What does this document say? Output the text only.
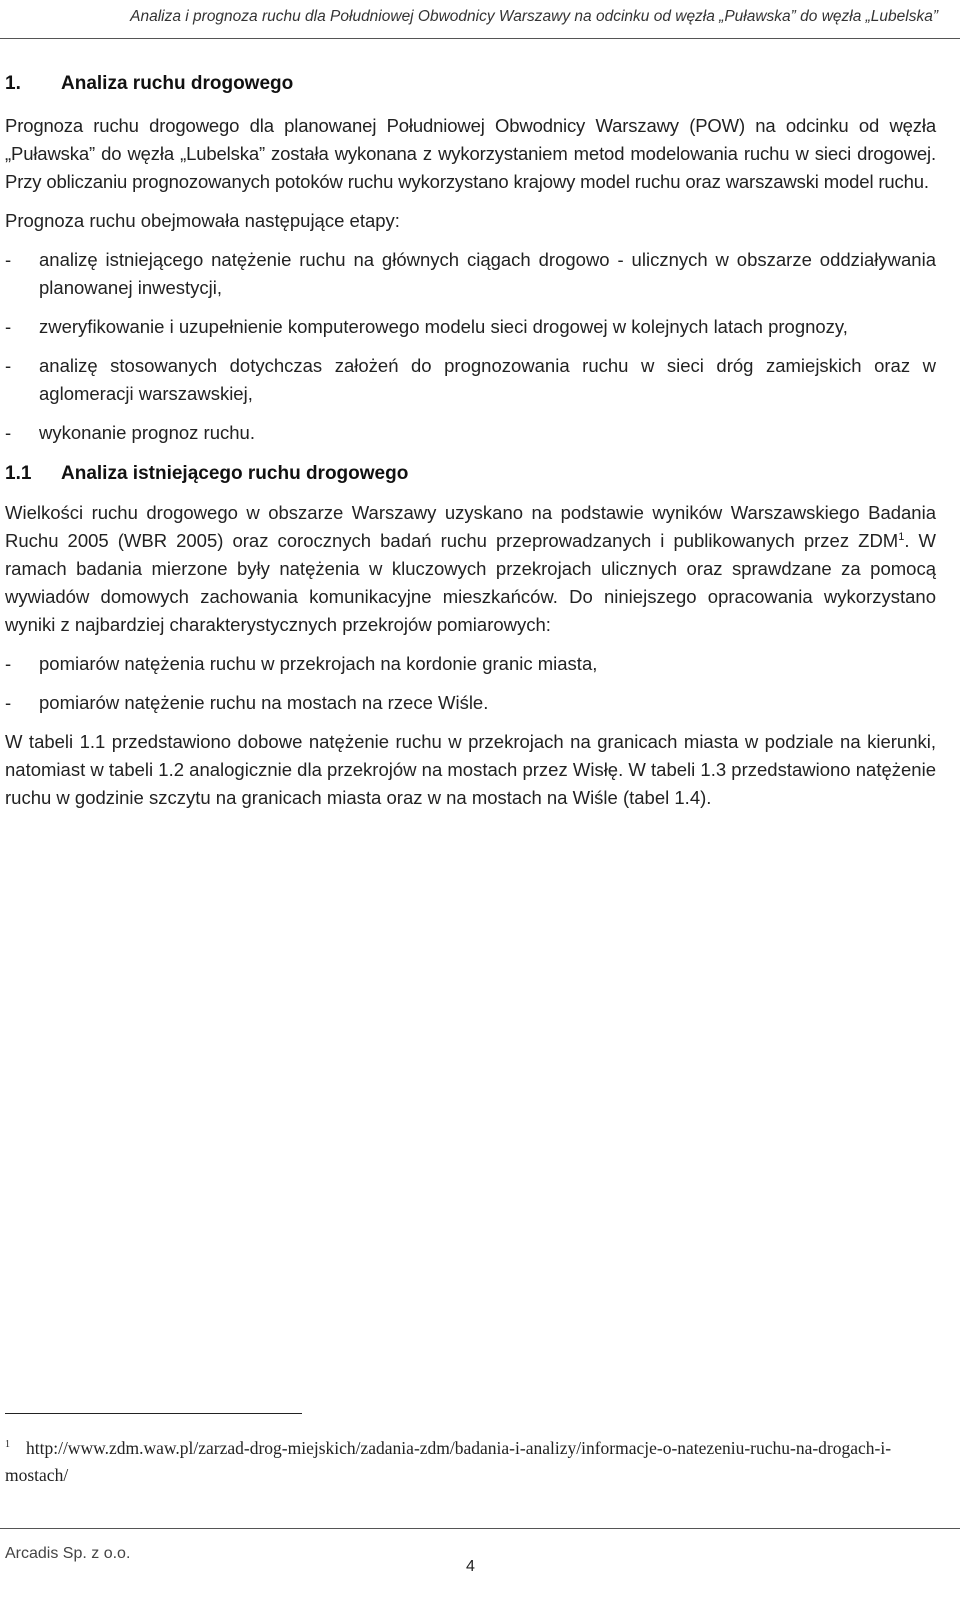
Analiza i prognoza ruchu dla Południowej Obwodnicy Warszawy na odcinku od węzła „Puławska” do węzła „Lubelska”
1. Analiza ruchu drogowego

Prognoza ruchu drogowego dla planowanej Południowej Obwodnicy Warszawy (POW) na odcinku od węzła „Puławska” do węzła „Lubelska” została wykonana z wykorzystaniem metod modelowania ruchu w sieci drogowej. Przy obliczaniu prognozowanych potoków ruchu wykorzystano krajowy model ruchu oraz warszawski model ruchu.

Prognoza ruchu obejmowała następujące etapy:

- analizę istniejącego natężenie ruchu na głównych ciągach drogowo - ulicznych w obszarze oddziaływania planowanej inwestycji,
- zweryfikowanie i uzupełnienie komputerowego modelu sieci drogowej w kolejnych latach prognozy,
- analizę stosowanych dotychczas założeń do prognozowania ruchu w sieci dróg zamiejskich oraz w aglomeracji warszawskiej,
- wykonanie prognoz ruchu.
1.1 Analiza istniejącego ruchu drogowego

Wielkości ruchu drogowego w obszarze Warszawy uzyskano na podstawie wyników Warszawskiego Badania Ruchu 2005 (WBR 2005) oraz corocznych badań ruchu przeprowadzanych i publikowanych przez ZDM$^1$. W ramach badania mierzone były natężenia w kluczowych przekrojach ulicznych oraz sprawdzane za pomocą wywiadów domowych zachowania komunikacyjne mieszkańców. Do niniejszego opracowania wykorzystano wyniki z najbardziej charakterystycznych przekrojów pomiarowych:

- pomiarów natężenia ruchu w przekrojach na kordonie granic miasta,
- pomiarów natężenie ruchu na mostach na rzece Wiśle.

W tabeli 1.1 przedstawiono dobowe natężenie ruchu w przekrojach na granicach miasta w podziale na kierunki, natomiast w tabeli 1.2 analogicznie dla przekrojów na mostach przez Wisłę. W tabeli 1.3 przedstawiono natężenie ruchu w godzinie szczytu na granicach miasta oraz w na mostach na Wiśle (tabel 1.4).

$^1$ http://www.zdm.waw.pl/zarzad-drog-miejskich/zadania-zdm/badania-i-analizy/informacje-o-natezeniu-ruchu-na-drogach-i-mostach/
Arcadis Sp. z o.o.
4
